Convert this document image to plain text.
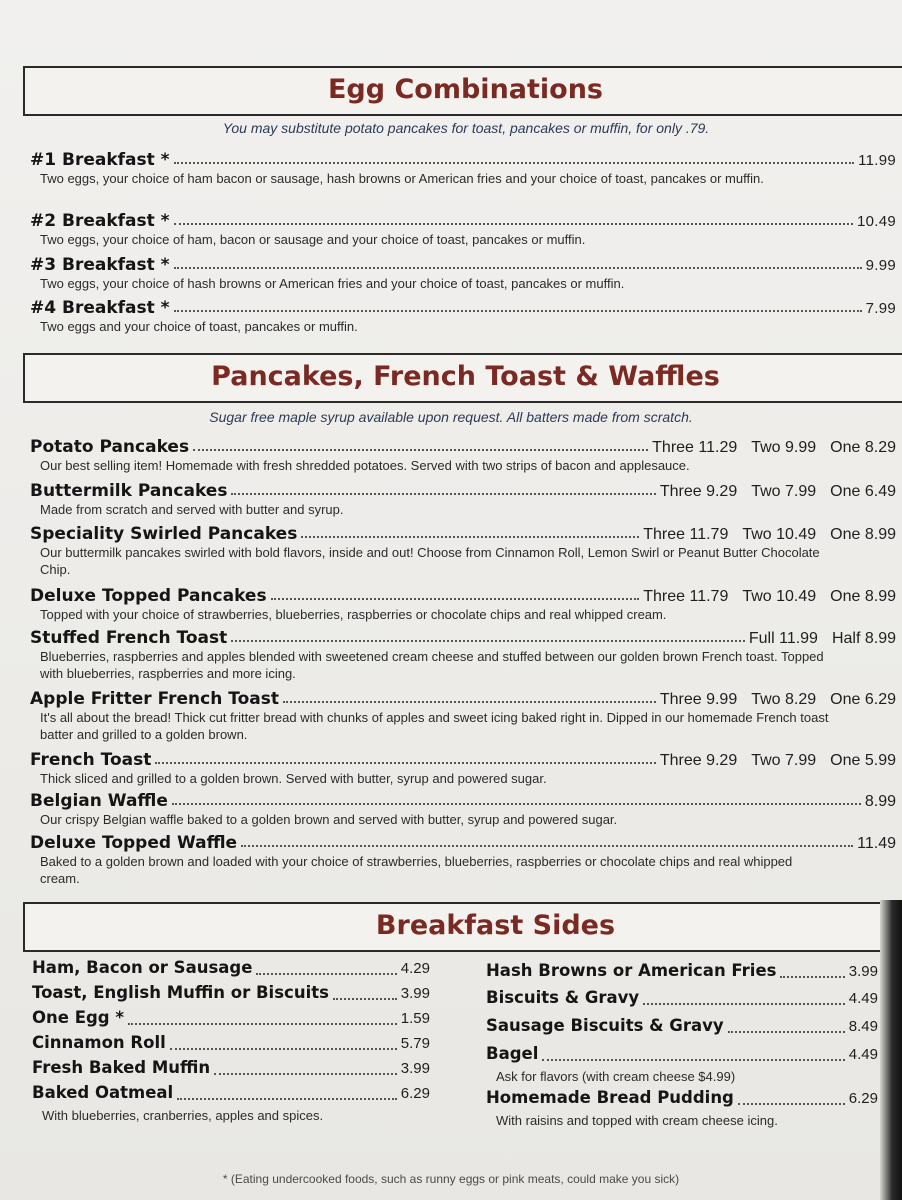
Egg Combinations
You may substitute potato pancakes for toast, pancakes or muffin, for only .79.
#1 Breakfast *	11.99
Two eggs, your choice of ham bacon or sausage, hash browns or American fries and your choice of toast, pancakes or muffin.
#2 Breakfast *	10.49
Two eggs, your choice of ham, bacon or sausage and your choice of toast, pancakes or muffin.
#3 Breakfast *	9.99
Two eggs, your choice of hash browns or American fries and your choice of toast, pancakes or muffin.
#4 Breakfast *	7.99
Two eggs and your choice of toast, pancakes or muffin.
Pancakes, French Toast & Waffles
Sugar free maple syrup available upon request. All batters made from scratch.
Potato Pancakes	Three 11.29 Two 9.99 One 8.29
Our best selling item! Homemade with fresh shredded potatoes. Served with two strips of bacon and applesauce.
Buttermilk Pancakes	Three 9.29 Two 7.99 One 6.49
Made from scratch and served with butter and syrup.
Speciality Swirled Pancakes	Three 11.79 Two 10.49 One 8.99
Our buttermilk pancakes swirled with bold flavors, inside and out! Choose from Cinnamon Roll, Lemon Swirl or Peanut Butter Chocolate Chip.
Deluxe Topped Pancakes	Three 11.79 Two 10.49 One 8.99
Topped with your choice of strawberries, blueberries, raspberries or chocolate chips and real whipped cream.
Stuffed French Toast	Full 11.99 Half 8.99
Blueberries, raspberries and apples blended with sweetened cream cheese and stuffed between our golden brown French toast. Topped with blueberries, raspberries and more icing.
Apple Fritter French Toast	Three 9.99 Two 8.29 One 6.29
It's all about the bread! Thick cut fritter bread with chunks of apples and sweet icing baked right in. Dipped in our homemade French toast batter and grilled to a golden brown.
French Toast	Three 9.29 Two 7.99 One 5.99
Thick sliced and grilled to a golden brown. Served with butter, syrup and powered sugar.
Belgian Waffle	8.99
Our crispy Belgian waffle baked to a golden brown and served with butter, syrup and powered sugar.
Deluxe Topped Waffle	11.49
Baked to a golden brown and loaded with your choice of strawberries, blueberries, raspberries or chocolate chips and real whipped cream.
Breakfast Sides
Ham, Bacon or Sausage	4.29
Toast, English Muffin or Biscuits	3.99
One Egg *	1.59
Cinnamon Roll	5.79
Fresh Baked Muffin	3.99
Baked Oatmeal	6.29
With blueberries, cranberries, apples and spices.
Hash Browns or American Fries	3.99
Biscuits & Gravy	4.49
Sausage Biscuits & Gravy	8.49
Bagel	4.49
Ask for flavors (with cream cheese $4.99)
Homemade Bread Pudding	6.29
With raisins and topped with cream cheese icing.
* (Eating undercooked foods, such as runny eggs or pink meats, could make you sick)
